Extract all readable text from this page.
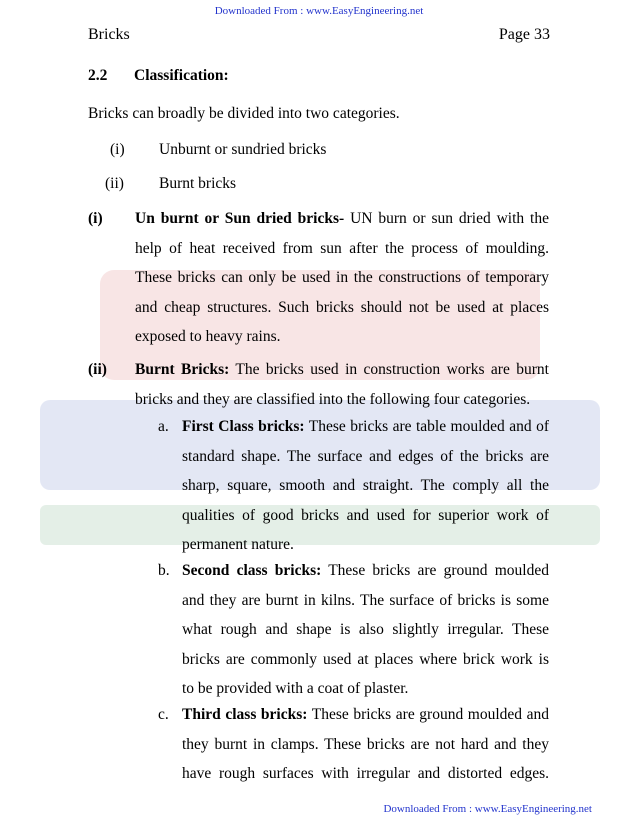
Downloaded From : www.EasyEngineering.net
Bricks	Page 33
2.2 Classification:
Bricks can broadly be divided into two categories.
(i) Unburnt or sundried bricks
(ii) Burnt bricks
(i) Un burnt or Sun dried bricks- UN burn or sun dried with the
help of heat received from sun after the process of moulding.
These bricks can only be used in the constructions of temporary
and cheap structures. Such bricks should not be used at places
exposed to heavy rains.
(ii) Burnt Bricks: The bricks used in construction works are burnt
bricks and they are classified into the following four categories.
a. First Class bricks: These bricks are table moulded and of
standard shape. The surface and edges of the bricks are
sharp, square, smooth and straight. The comply all the
qualities of good bricks and used for superior work of
permanent nature.
b. Second class bricks: These bricks are ground moulded
and they are burnt in kilns. The surface of bricks is some
what rough and shape is also slightly irregular. These
bricks are commonly used at places where brick work is
to be provided with a coat of plaster.
c. Third class bricks: These bricks are ground moulded and
they burnt in clamps. These bricks are not hard and they
have rough surfaces with irregular and distorted edges.
Downloaded From : www.EasyEngineering.net
